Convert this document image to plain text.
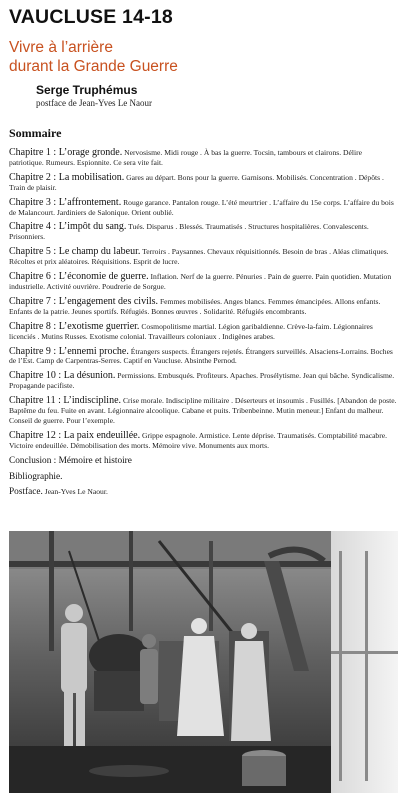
VAUCLUSE 14-18
Vivre à l’arrière
durant la Grande Guerre
Serge Truphémus
postface de Jean-Yves Le Naour
Sommaire
Chapitre 1 : L’orage gronde. Nervosisme. Midi rouge . À bas la guerre. Tocsin, tambours et clairons. Délire patriotique. Rumeurs. Espionnite. Ce sera vite fait.
Chapitre 2 : La mobilisation. Gares au départ. Bons pour la guerre. Garnisons. Mobilisés. Concentration . Dépôts . Train de plaisir.
Chapitre 3 : L’affrontement. Rouge garance. Pantalon rouge. L’été meurtrier . L’affaire du 15e corps. L’affaire du bois de Malancourt. Jardiniers de Salonique. Orient oublié.
Chapitre 4 : L’impôt du sang. Tués. Disparus . Blessés. Traumatisés . Structures hospitalières. Convalescents. Prisonniers.
Chapitre 5 : Le champ du labeur. Terroirs . Paysannes. Chevaux réquisitionnés. Besoin de bras . Aléas climatiques. Récoltes et prix aléatoires. Réquisitions. Esprit de lucre.
Chapitre 6 : L’économie de guerre. Inflation. Nerf de la guerre. Pénuries . Pain de guerre. Pain quotidien. Mutation industrielle. Activité ouvrière. Poudrerie de Sorgue.
Chapitre 7 : L’engagement des civils. Femmes mobilisées. Anges blancs. Femmes émancipées. Allons enfants. Enfants de la patrie. Jeunes sportifs. Réfugiés. Bonnes œuvres . Solidarité. Réfugiés encombrants.
Chapitre 8 : L’exotisme guerrier. Cosmopolitisme martial. Légion garibaldienne. Crève-la-faim. Légionnaires licenciés . Mutins Russes. Exotisme colonial. Travailleurs coloniaux . Indigènes arabes.
Chapitre 9 : L’ennemi proche. Étrangers suspects. Étrangers rejetés. Étrangers surveillés. Alsaciens-Lorrains. Boches de l’Est. Camp de Carpentras-Serres. Captif en Vaucluse. Absinthe Pernod.
Chapitre 10 : La désunion. Permissions. Embusqués. Profiteurs. Apaches. Prosélytisme. Jean qui bâche. Syndicalisme. Propagande pacifiste.
Chapitre 11 : L’indiscipline. Crise morale. Indiscipline militaire . Déserteurs et insoumis . Fusillés. [Abandon de poste. Baptême du feu. Fuite en avant. Légionnaire alcoolique. Cabane et puits. Tribenbeinne. Mutin meneur.] Enfant du malheur. Conseil de guerre. Pour l’exemple.
Chapitre 12 : La paix endeuillée. Grippe espagnole. Armistice. Lente déprise. Traumatisés. Comptabilité macabre. Victoire endeuillée. Démobilisation des morts. Mémoire vive. Monuments aux morts.
Conclusion : Mémoire et histoire
Bibliographie.
Postface. Jean-Yves Le Naour.
